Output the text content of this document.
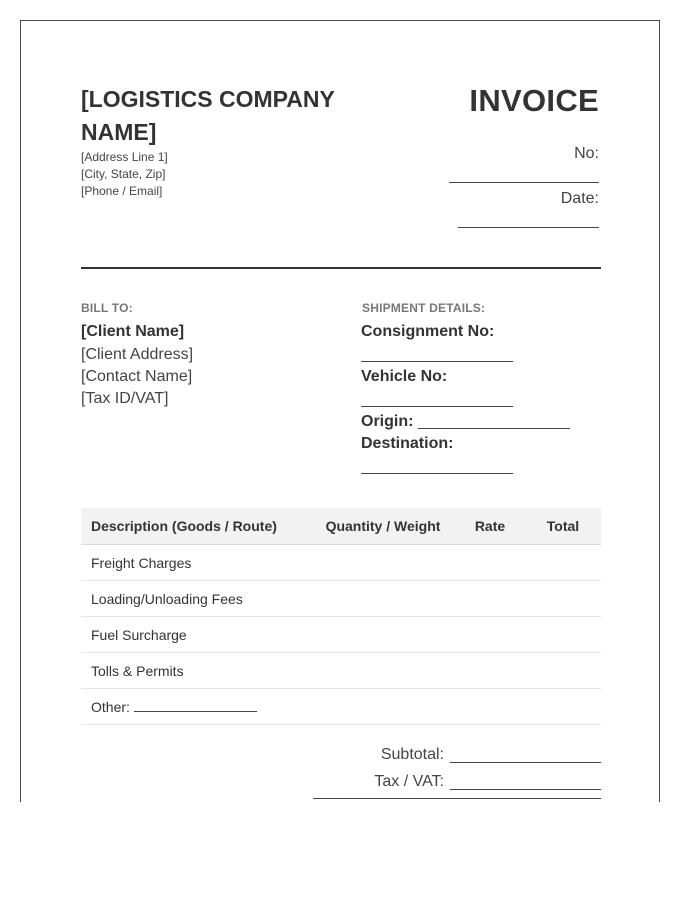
[LOGISTICS COMPANY NAME]
[Address Line 1]
[City, State, Zip]
[Phone / Email]
INVOICE
No:
Date:
BILL TO:
[Client Name]
[Client Address]
[Contact Name]
[Tax ID/VAT]
SHIPMENT DETAILS:
Consignment No:
Vehicle No:
Origin:
Destination:
Description (Goods / Route)	Quantity / Weight	Rate	Total
Freight Charges			
Loading/Unloading Fees			
Fuel Surcharge			
Tolls & Permits			
Other:			
Subtotal:
Tax / VAT:
